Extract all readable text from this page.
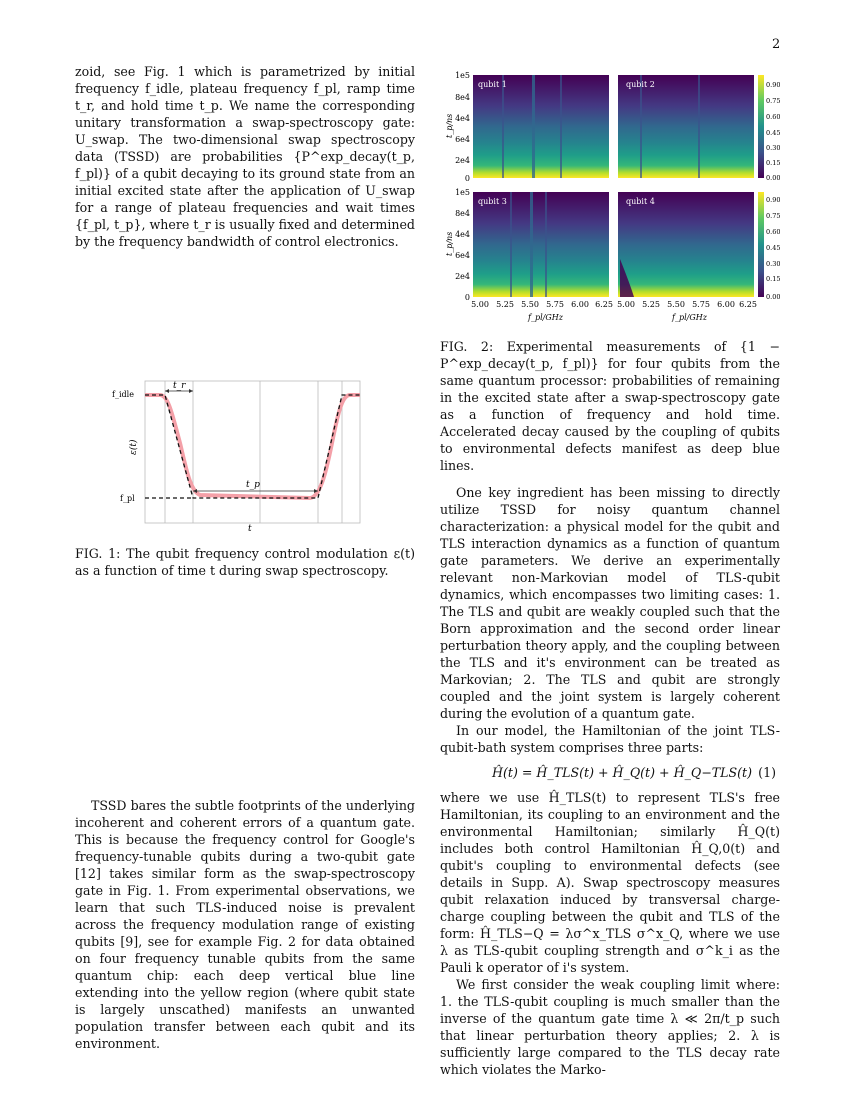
2

zoid, see Fig. 1 which is parametrized by initial frequency f_idle, plateau frequency f_pl, ramp time t_r, and hold time t_p. We name the corresponding unitary transformation a swap-spectroscopy gate: U_swap. The two-dimensional swap spectroscopy data (TSSD) are probabilities {P^exp_decay(t_p, f_pl)} of a qubit decaying to its ground state from an initial excited state after the application of U_swap for a range of plateau frequencies and wait times {f_pl, t_p}, where t_r is usually fixed and determined by the frequency bandwidth of control electronics.

f_idle
f_pl
t_r
t_p
ε(t)
t
FIG. 1: The qubit frequency control modulation ε(t) as a function of time t during swap spectroscopy.

TSSD bares the subtle footprints of the underlying incoherent and coherent errors of a quantum gate. This is because the frequency control for Google's frequency-tunable qubits during a two-qubit gate [12] takes similar form as the swap-spectroscopy gate in Fig. 1. From experimental observations, we learn that such TLS-induced noise is prevalent across the frequency modulation range of existing qubits [9], see for example Fig. 2 for data obtained on four frequency tunable qubits from the same quantum chip: each deep vertical blue line extending into the yellow region (where qubit state is largely unscathed) manifests an unwanted population transfer between each qubit and its environment.

qubit 1	qubit 2
qubit 3	qubit 4
1e5
8e4
4e4
6e4
2e4
0
1e5
8e4
4e4
6e4
2e4
0
t_p/ns
t_p/ns
0.90
0.75
0.60
0.45
0.30
0.15
0.00
0.90
0.75
0.60
0.45
0.30
0.15
0.00
5.00 5.25 5.50 5.75 6.00 6.25 5.00 5.25 5.50 5.75 6.00 6.25
f_pl/GHz	f_pl/GHz
FIG. 2: Experimental measurements of {1 − P^exp_decay(t_p, f_pl)} for four qubits from the same quantum processor: probabilities of remaining in the excited state after a swap-spectroscopy gate as a function of frequency and hold time. Accelerated decay caused by the coupling of qubits to environmental defects manifest as deep blue lines.

One key ingredient has been missing to directly utilize TSSD for noisy quantum channel characterization: a physical model for the qubit and TLS interaction dynamics as a function of quantum gate parameters. We derive an experimentally relevant non-Markovian model of TLS-qubit dynamics, which encompasses two limiting cases: 1. The TLS and qubit are weakly coupled such that the Born approximation and the second order linear perturbation theory apply, and the coupling between the TLS and it's environment can be treated as Markovian; 2. The TLS and qubit are strongly coupled and the joint system is largely coherent during the evolution of a quantum gate.

In our model, the Hamiltonian of the joint TLS-qubit-bath system comprises three parts:

Ĥ(t) = Ĥ_TLS(t) + Ĥ_Q(t) + Ĥ_Q−TLS(t) (1)

where we use Ĥ_TLS(t) to represent TLS's free Hamiltonian, its coupling to an environment and the environmental Hamiltonian; similarly Ĥ_Q(t) includes both control Hamiltonian Ĥ_Q,0(t) and qubit's coupling to environmental defects (see details in Supp. A). Swap spectroscopy measures qubit relaxation induced by transversal charge-charge coupling between the qubit and TLS of the form: Ĥ_TLS−Q = λσ^x_TLS σ^x_Q, where we use λ as TLS-qubit coupling strength and σ^k_i as the Pauli k operator of i's system.

We first consider the weak coupling limit where: 1. the TLS-qubit coupling is much smaller than the inverse of the quantum gate time λ ≪ 2π/t_p such that linear perturbation theory applies; 2. λ is sufficiently large compared to the TLS decay rate which violates the Marko-
